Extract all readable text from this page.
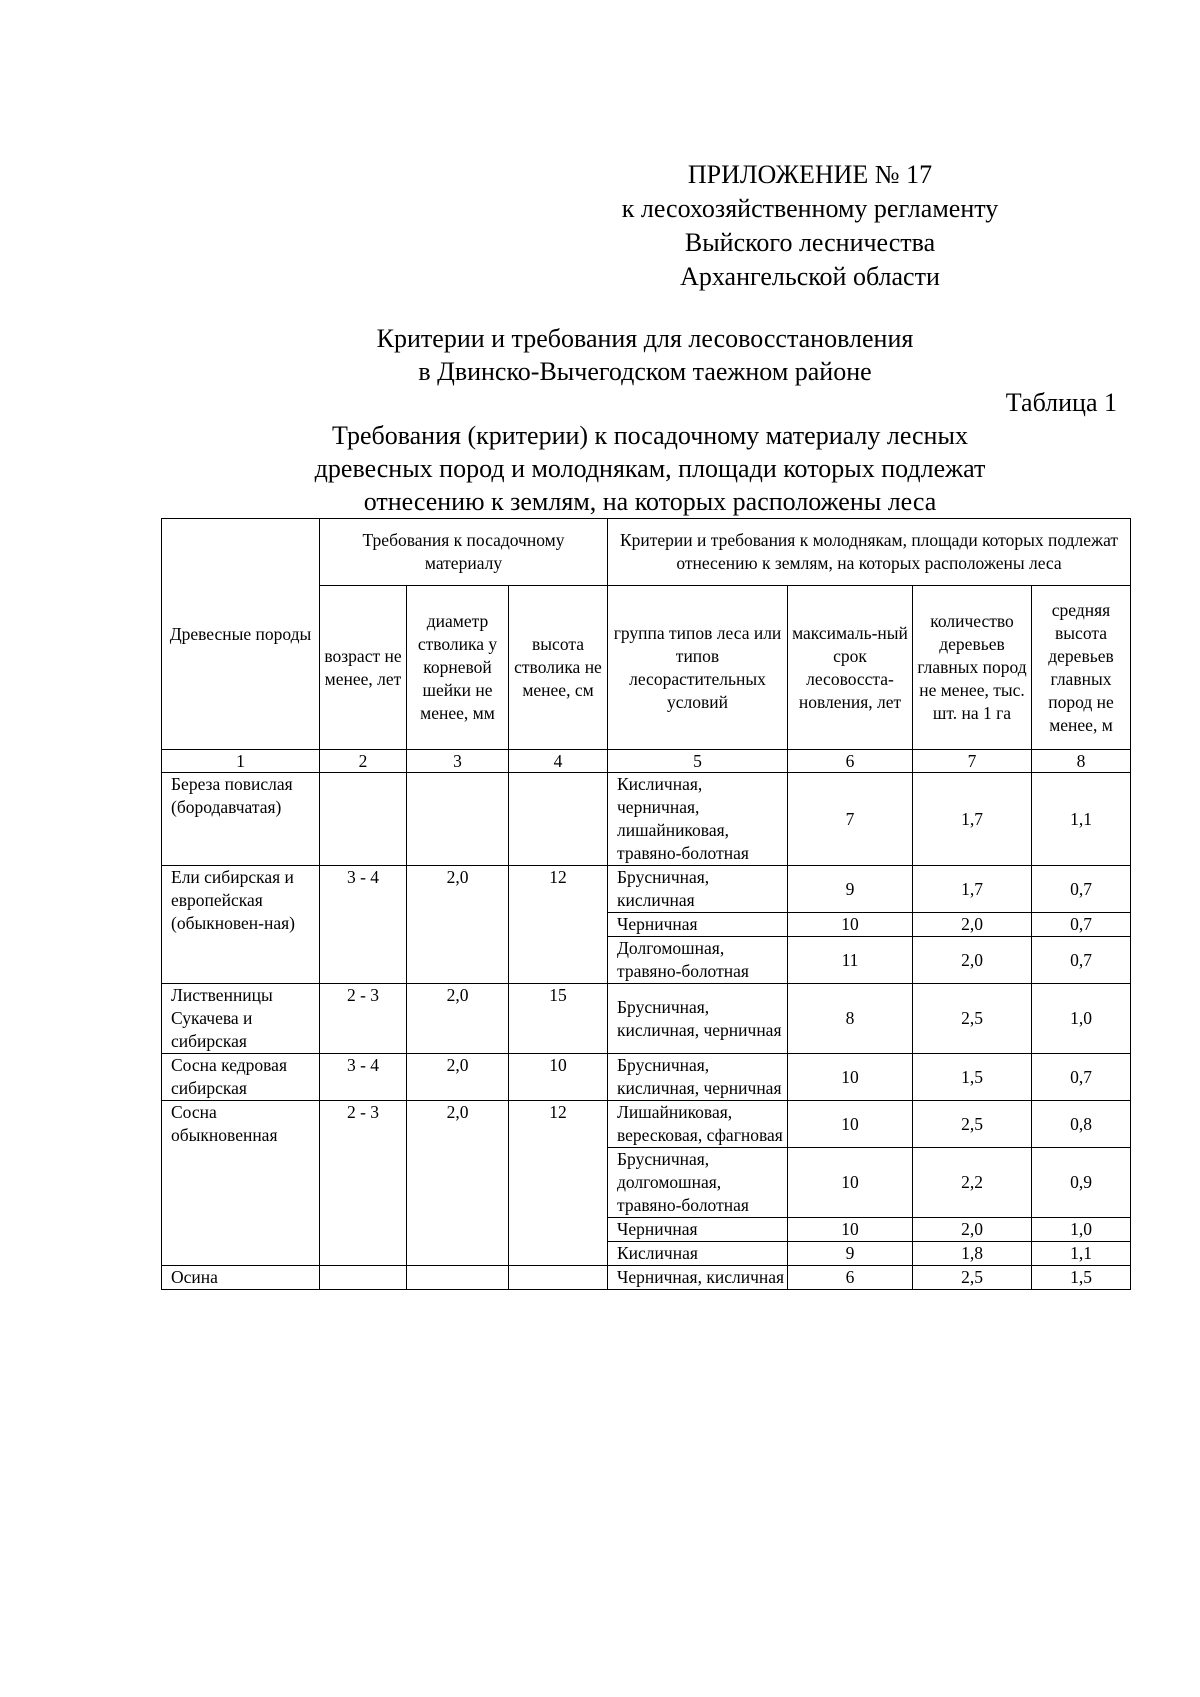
ПРИЛОЖЕНИЕ № 17
к лесохозяйственному регламенту
Выйского лесничества
Архангельской области
Критерии и требования для лесовосстановления
в Двинско-Вычегодском таежном районе
Таблица 1
Требования (критерии) к посадочному материалу лесных
древесных пород и молоднякам, площади которых подлежат
отнесению к землям, на которых расположены леса
Древесные породы	Требования к посадочному материалу			Критерии и требования к молоднякам, площади которых подлежат отнесению к землям, на которых расположены леса			
	возраст не менее, лет	диаметр стволика у корневой шейки не менее, мм	высота стволика не менее, см	группа типов леса или типов лесорастительных условий	максималь-ный срок лесовосста-новления, лет	количество деревьев главных пород не менее, тыс. шт. на 1 га	средняя высота деревьев главных пород не менее, м
1	2	3	4	5	6	7	8
Береза повислая (бородавчатая)				Кисличная, черничная, лишайниковая, травяно-болотная	7	1,7	1,1
Ели сибирская и европейская (обыкновен-ная)	3 - 4	2,0	12	Брусничная, кисличная	9	1,7	0,7
				Черничная	10	2,0	0,7
				Долгомошная, травяно-болотная	11	2,0	0,7
Лиственницы Сукачева и сибирская	2 - 3	2,0	15	Брусничная, кисличная, черничная	8	2,5	1,0
Сосна кедровая сибирская	3 - 4	2,0	10	Брусничная, кисличная, черничная	10	1,5	0,7
Сосна обыкновенная	2 - 3	2,0	12	Лишайниковая, вересковая, сфагновая	10	2,5	0,8
				Брусничная, долгомошная, травяно-болотная	10	2,2	0,9
				Черничная	10	2,0	1,0
				Кисличная	9	1,8	1,1
Осина				Черничная, кисличная	6	2,5	1,5
